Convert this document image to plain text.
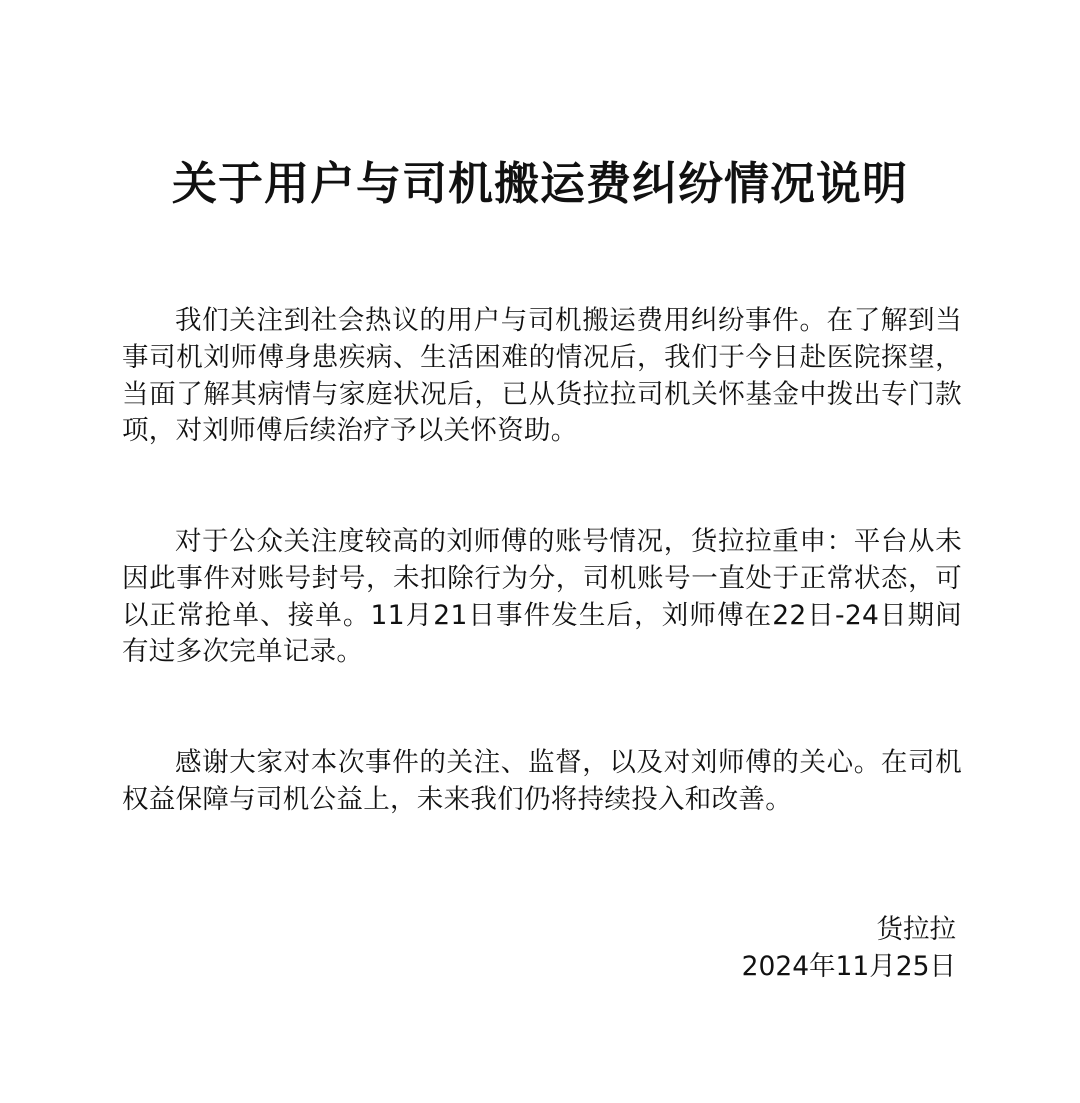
关于用户与司机搬运费纠纷情况说明

我们关注到社会热议的用户与司机搬运费用纠纷事件。在了解到当事司机刘师傅身患疾病、生活困难的情况后，我们于今日赴医院探望，当面了解其病情与家庭状况后，已从货拉拉司机关怀基金中拨出专门款项，对刘师傅后续治疗予以关怀资助。

对于公众关注度较高的刘师傅的账号情况，货拉拉重申：平台从未因此事件对账号封号，未扣除行为分，司机账号一直处于正常状态，可以正常抢单、接单。11月21日事件发生后，刘师傅在22日-24日期间有过多次完单记录。

感谢大家对本次事件的关注、监督，以及对刘师傅的关心。在司机权益保障与司机公益上，未来我们仍将持续投入和改善。

货拉拉
2024年11月25日
